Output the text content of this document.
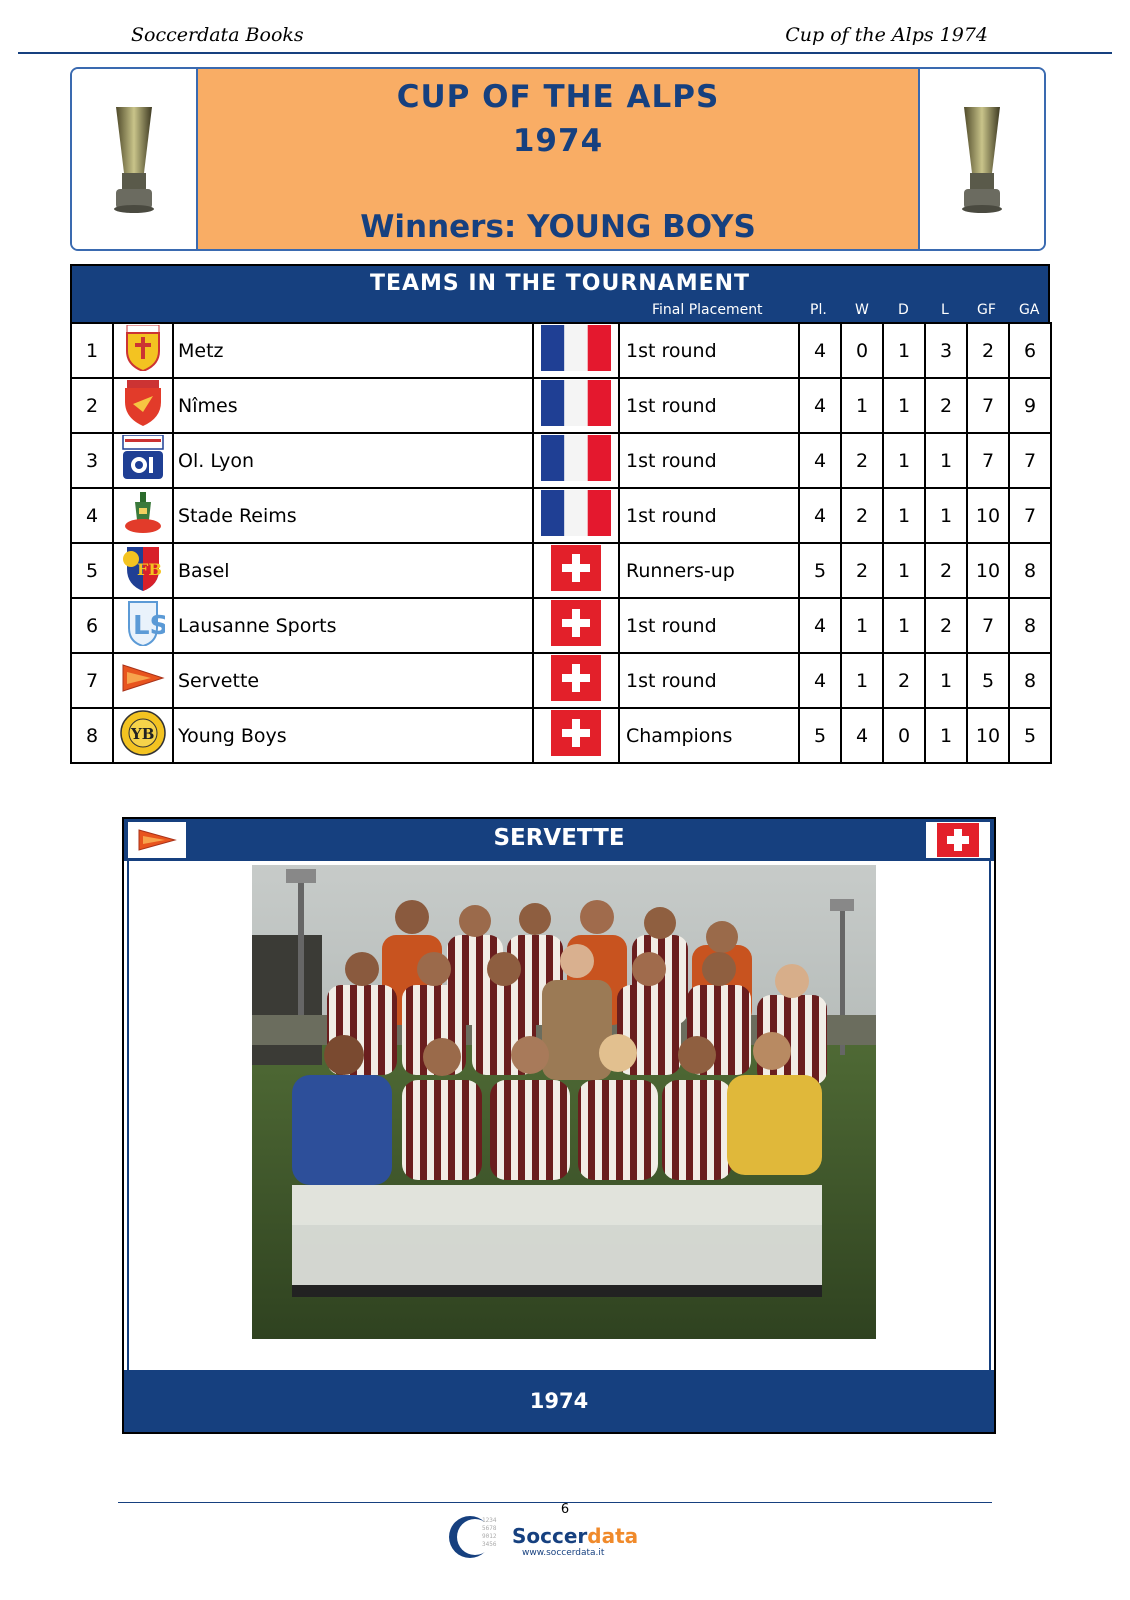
Soccerdata Books	Cup of the Alps 1974
CUP OF THE ALPS
1974
Winners: YOUNG BOYS
TEAMS IN THE TOURNAMENT
Final Placement	Pl. W D L GF GA
1		Metz		1st round	4	0	1	3	2	6
2		Nîmes		1st round	4	1	1	2	7	9
3		Ol. Lyon		1st round	4	2	1	1	7	7
4		Stade Reims		1st round	4	2	1	1	10	7
5	FB	Basel		Runners-up	5	2	1	2	10	8
6	LS	Lausanne Sports		1st round	4	1	1	2	7	8
7		Servette		1st round	4	1	2	1	5	8
8	YB	Young Boys		Champions	5	4	0	1	10	5
SERVETTE
1974
6
1234
5678
9012
3456 Soccerdata
www.soccerdata.it
